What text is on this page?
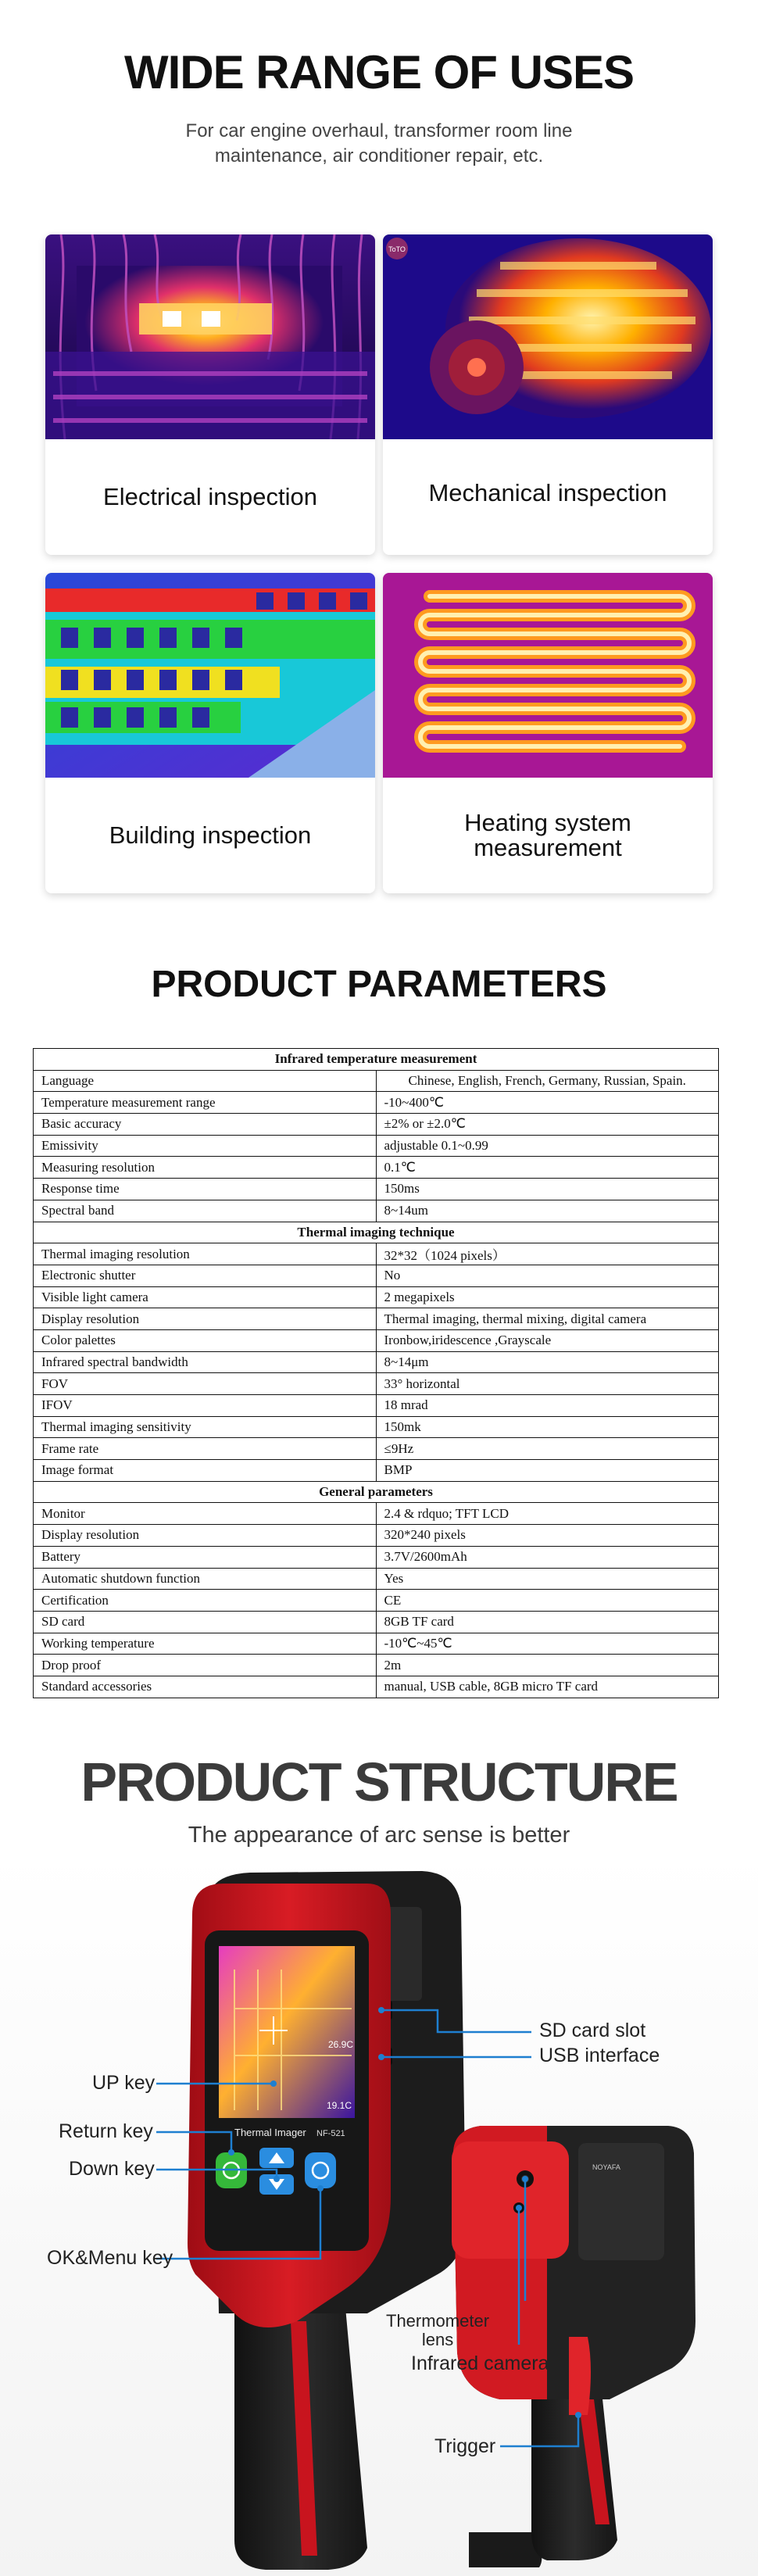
WIDE RANGE OF USES

For car engine overhaul, transformer room line
maintenance, air conditioner repair, etc.

Electrical inspection
ToTO
Mechanical inspection
Building inspection	Heating system
measurement
PRODUCT PARAMETERS
Infrared temperature measurement	
Language	Chinese, English, French, Germany, Russian, Spain.
Temperature measurement range	-10~400℃
Basic accuracy	±2% or ±2.0℃
Emissivity	adjustable 0.1~0.99
Measuring resolution	0.1℃
Response time	150ms
Spectral band	8~14um
Thermal imaging technique	
Thermal imaging resolution	32*32（1024 pixels）
Electronic shutter	No
Visible light camera	2 megapixels
Display resolution	Thermal imaging, thermal mixing, digital camera
Color palettes	Ironbow,iridescence ,Grayscale
Infrared spectral bandwidth	8~14μm
FOV	33° horizontal
IFOV	18 mrad
Thermal imaging sensitivity	150mk
Frame rate	≤9Hz
Image format	BMP
General parameters	
Monitor	2.4 & rdquo; TFT LCD
Display resolution	320*240 pixels
Battery	3.7V/2600mAh
Automatic shutdown function	Yes
Certification	CE
SD card	8GB TF card
Working temperature	-10℃~45℃
Drop proof	2m
Standard accessories	manual, USB cable, 8GB micro TF card
PRODUCT STRUCTURE

The appearance of arc sense is better

26.9C
19.1C
Thermal Imager NF-521
NOYAFA
SD card slot
USB interface
UP key
Return key
Down key
OK&Menu key
Thermometer
lens
Infrared camera
Trigger
